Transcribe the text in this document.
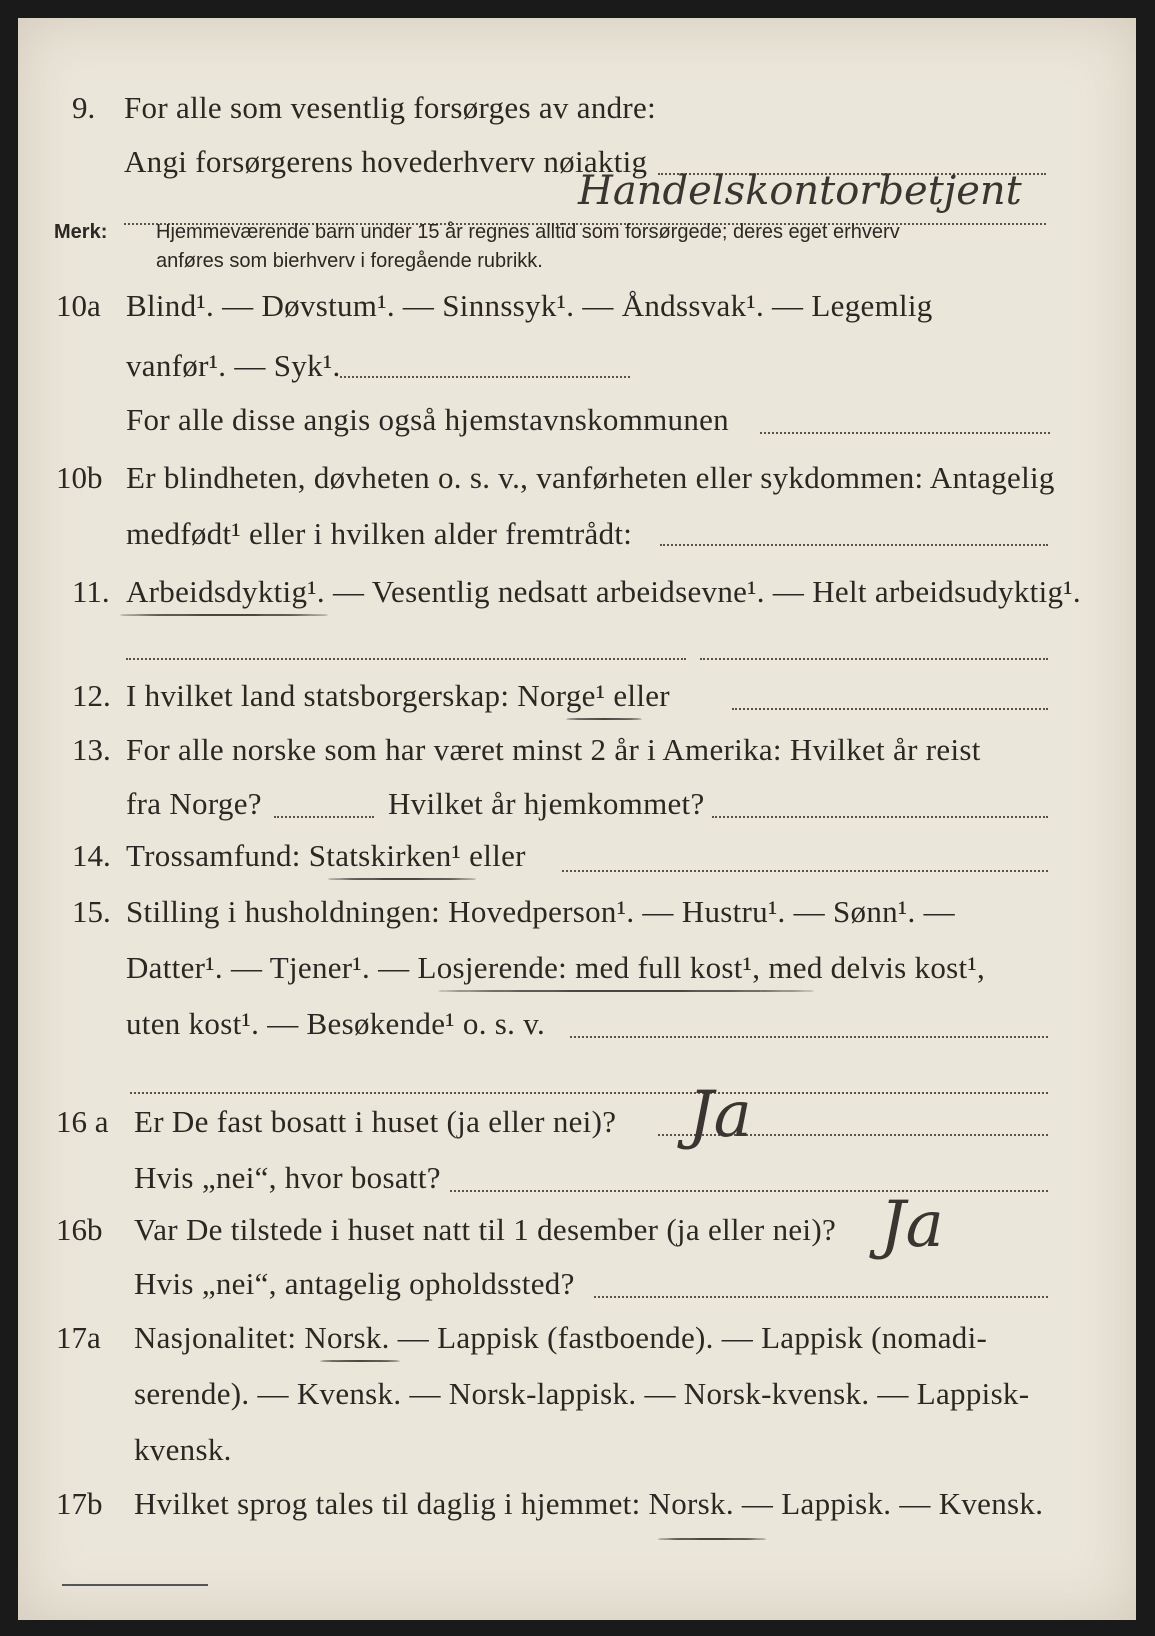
9. For alle som vesentlig forsørges av andre:
Angi forsørgerens hovederhverv nøiaktig
Handelskontorbetjent
Merk: Hjemmeværende barn under 15 år regnes alltid som forsørgede; deres eget erhverv
anføres som bierhverv i foregående rubrikk.
10a Blind¹. — Døvstum¹. — Sinnssyk¹. — Åndssvak¹. — Legemlig
vanfør¹. — Syk¹.
For alle disse angis også hjemstavnskommunen
10b Er blindheten, døvheten o. s. v., vanførheten eller sykdommen: Antagelig
medfødt¹ eller i hvilken alder fremtrådt:
11. Arbeidsdyktig¹. — Vesentlig nedsatt arbeidsevne¹. — Helt arbeidsudyktig¹.
12. I hvilket land statsborgerskap: Norge¹ eller
13. For alle norske som har været minst 2 år i Amerika: Hvilket år reist
fra Norge?	Hvilket år hjemkommet?
14. Trossamfund: Statskirken¹ eller
15. Stilling i husholdningen: Hovedperson¹. — Hustru¹. — Sønn¹. —
Datter¹. — Tjener¹. — Losjerende: med full kost¹, med delvis kost¹,
uten kost¹. — Besøkende¹ o. s. v.
16 a Er De fast bosatt i huset (ja eller nei)? Ja
Hvis „nei“, hvor bosatt?
16b Var De tilstede i huset natt til 1 desember (ja eller nei)? Ja
Hvis „nei“, antagelig opholdssted?
17a Nasjonalitet: Norsk. — Lappisk (fastboende). — Lappisk (nomadi-
serende). — Kvensk. — Norsk-lappisk. — Norsk-kvensk. — Lappisk-
kvensk.
17b Hvilket sprog tales til daglig i hjemmet: Norsk. — Lappisk. — Kvensk.
